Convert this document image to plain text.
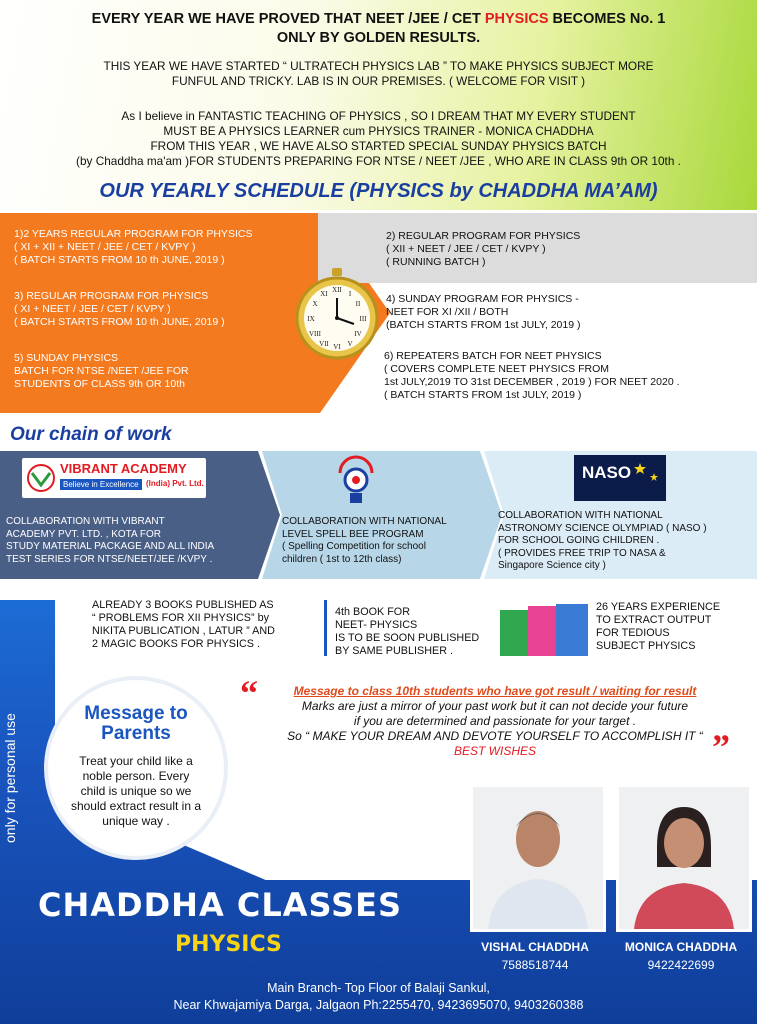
EVERY YEAR WE HAVE PROVED THAT NEET /JEE / CET PHYSICS BECOMES No. 1
ONLY BY GOLDEN RESULTS.
THIS YEAR WE HAVE STARTED “ ULTRATECH PHYSICS LAB ” TO MAKE PHYSICS SUBJECT MORE
FUNFUL AND TRICKY. LAB IS IN OUR PREMISES. ( WELCOME FOR VISIT )
As I believe in FANTASTIC TEACHING OF PHYSICS , SO I DREAM THAT MY EVERY STUDENT
MUST BE A PHYSICS LEARNER cum PHYSICS TRAINER - MONICA CHADDHA
FROM THIS YEAR , WE HAVE ALSO STARTED SPECIAL SUNDAY PHYSICS BATCH
(by Chaddha ma'am )FOR STUDENTS PREPARING FOR NTSE / NEET /JEE , WHO ARE IN CLASS 9th OR 10th .
OUR YEARLY SCHEDULE (PHYSICS by CHADDHA MA’AM)
1)2 YEARS REGULAR PROGRAM FOR PHYSICS
( XI + XII + NEET / JEE / CET / KVPY )
( BATCH STARTS FROM 10 th JUNE, 2019 )
3) REGULAR PROGRAM FOR PHYSICS
( XI + NEET / JEE / CET / KVPY )
( BATCH STARTS FROM 10 th JUNE, 2019 )
5) SUNDAY PHYSICS
BATCH FOR NTSE /NEET /JEE FOR
STUDENTS OF CLASS 9th OR 10th
XII
VI
IX	III
I
II
IV
V
VII
VIII
X
XI
2) REGULAR PROGRAM FOR PHYSICS
( XII + NEET / JEE / CET / KVPY )
( RUNNING BATCH )
4) SUNDAY PROGRAM FOR PHYSICS -
NEET FOR XI /XII / BOTH
(BATCH STARTS FROM 1st JULY, 2019 )
6) REPEATERS BATCH FOR NEET PHYSICS
( COVERS COMPLETE NEET PHYSICS FROM
1st JULY,2019 TO 31st DECEMBER , 2019 ) FOR NEET 2020 .
( BATCH STARTS FROM 1st JULY, 2019 )
Our chain of work
VIBRANT ACADEMY
Believe in Excellence (India) Pvt. Ltd.
COLLABORATION WITH VIBRANT
ACADEMY PVT. LTD. , KOTA FOR
STUDY MATERIAL PACKAGE AND ALL INDIA
TEST SERIES FOR NTSE/NEET/JEE /KVPY .
COLLABORATION WITH NATIONAL
LEVEL SPELL BEE PROGRAM
( Spelling Competition for school
children ( 1st to 12th class)
NASO
COLLABORATION WITH NATIONAL
ASTRONOMY SCIENCE OLYMPIAD ( NASO )
FOR SCHOOL GOING CHILDREN .
( PROVIDES FREE TRIP TO NASA &
Singapore Science city )
ALREADY 3 BOOKS PUBLISHED AS
“ PROBLEMS FOR XII PHYSICS” by
NIKITA PUBLICATION , LATUR ” AND
2 MAGIC BOOKS FOR PHYSICS .
4th BOOK FOR
NEET- PHYSICS
IS TO BE SOON PUBLISHED
BY SAME PUBLISHER .
26 YEARS EXPERIENCE
TO EXTRACT OUTPUT
FOR TEDIOUS
SUBJECT PHYSICS
Message to
Parents
Treat your child like a
noble person. Every
child is unique so we
should extract result in a
unique way .
“	Message to class 10th students who have got result / waiting for result
Marks are just a mirror of your past work but it can not decide your future
if you are determined and passionate for your target .
So “ MAKE YOUR DREAM AND DEVOTE YOURSELF TO ACCOMPLISH IT “
BEST WISHES	”
only for personal use
CHADDHA CLASSES
PHYSICS	VISHAL CHADDHA
7588518744
MONICA CHADDHA
9422422699
Main Branch- Top Floor of Balaji Sankul,
Near Khwajamiya Darga, Jalgaon Ph:2255470, 9423695070, 9403260388
